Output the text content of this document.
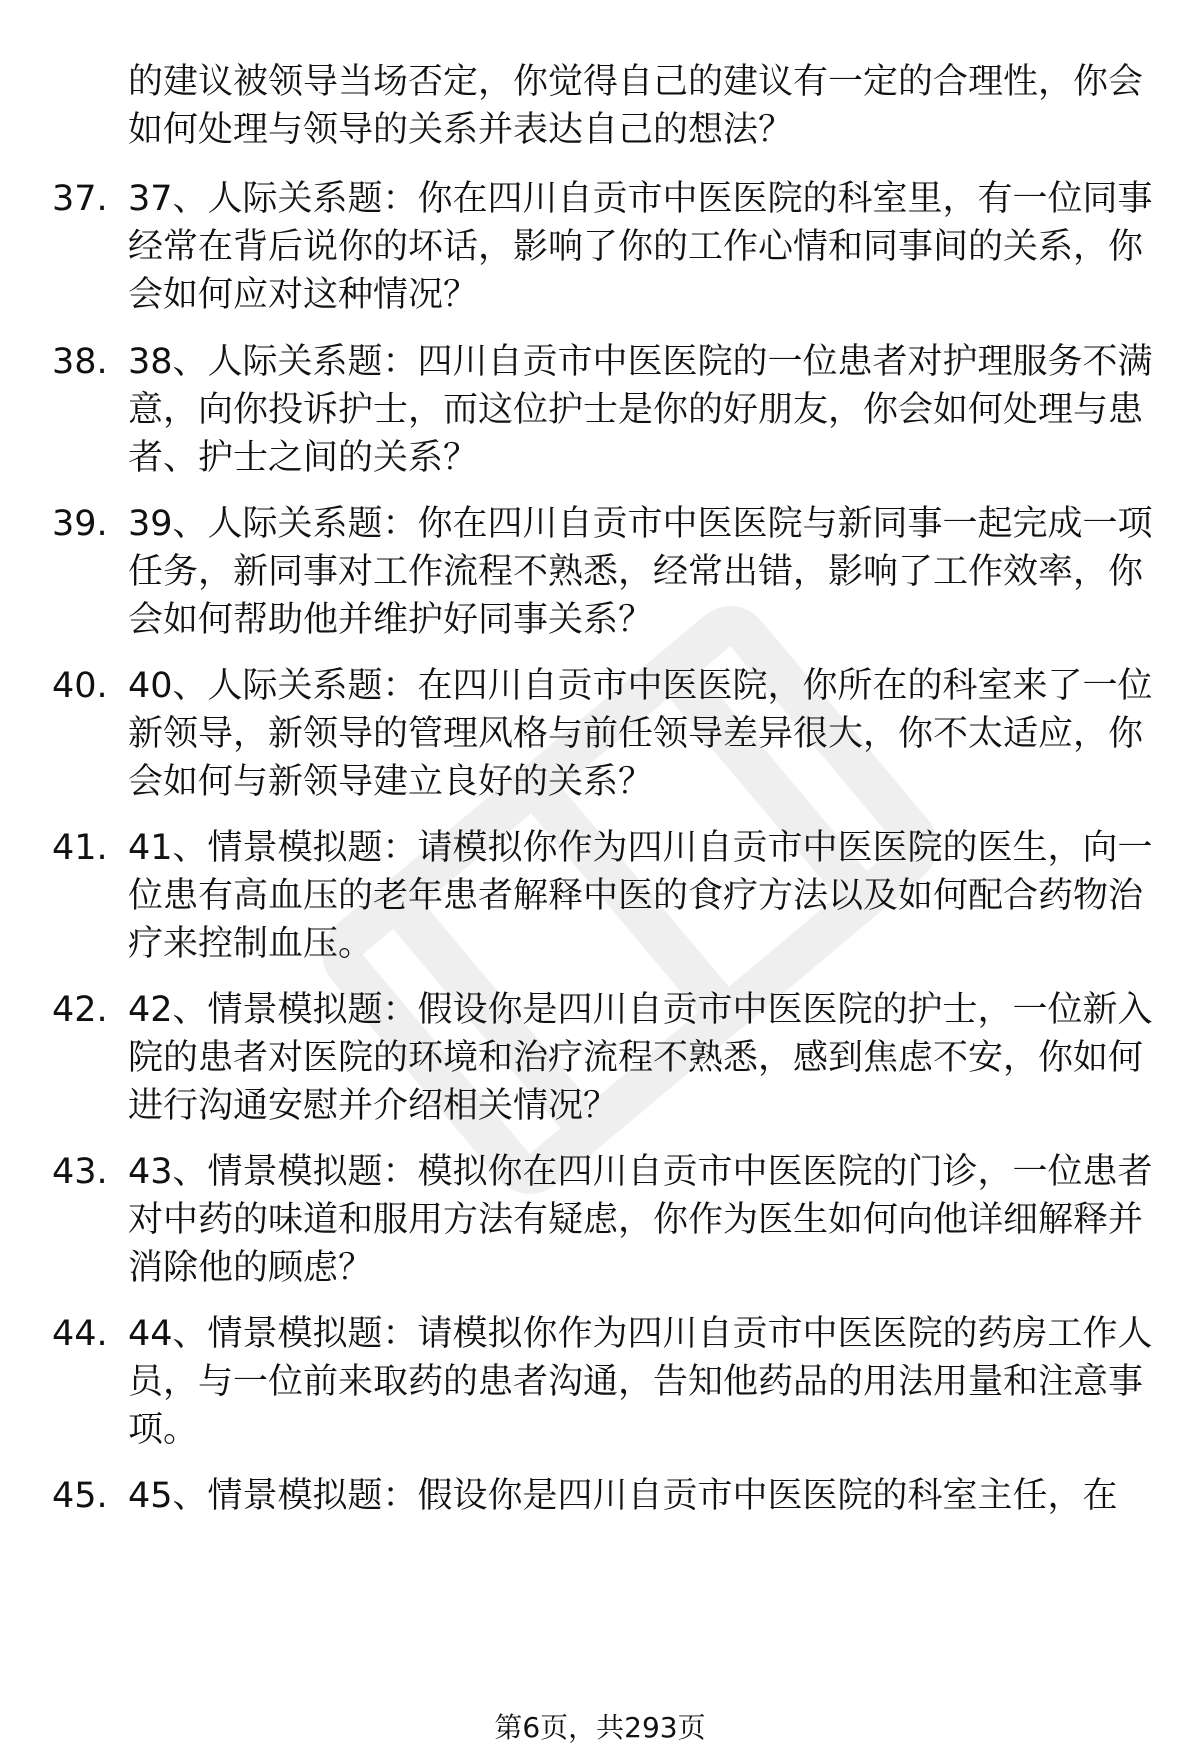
的建议被领导当场否定，你觉得自己的建议有一定的合理性，你会如何处理与领导的关系并表达自己的想法？
37. 37、人际关系题：你在四川自贡市中医医院的科室里，有一位同事经常在背后说你的坏话，影响了你的工作心情和同事间的关系，你会如何应对这种情况？
38. 38、人际关系题：四川自贡市中医医院的一位患者对护理服务不满意，向你投诉护士，而这位护士是你的好朋友，你会如何处理与患者、护士之间的关系？
39. 39、人际关系题：你在四川自贡市中医医院与新同事一起完成一项任务，新同事对工作流程不熟悉，经常出错，影响了工作效率，你会如何帮助他并维护好同事关系？
40. 40、人际关系题：在四川自贡市中医医院，你所在的科室来了一位新领导，新领导的管理风格与前任领导差异很大，你不太适应，你会如何与新领导建立良好的关系？
41. 41、情景模拟题：请模拟你作为四川自贡市中医医院的医生，向一位患有高血压的老年患者解释中医的食疗方法以及如何配合药物治疗来控制血压。
42. 42、情景模拟题：假设你是四川自贡市中医医院的护士，一位新入院的患者对医院的环境和治疗流程不熟悉，感到焦虑不安，你如何进行沟通安慰并介绍相关情况？
43. 43、情景模拟题：模拟你在四川自贡市中医医院的门诊，一位患者对中药的味道和服用方法有疑虑，你作为医生如何向他详细解释并消除他的顾虑？
44. 44、情景模拟题：请模拟你作为四川自贡市中医医院的药房工作人员，与一位前来取药的患者沟通，告知他药品的用法用量和注意事项。
45. 45、情景模拟题：假设你是四川自贡市中医医院的科室主任，在
第6页，共293页
